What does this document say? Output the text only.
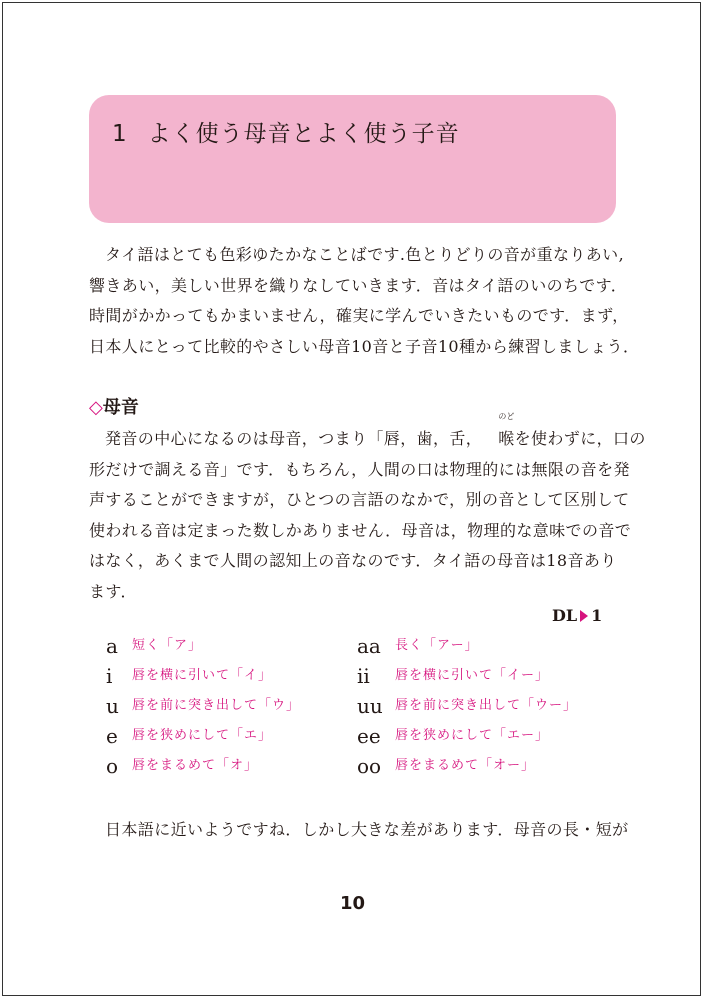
1 よく使う母音とよく使う子音

タイ語はとても色彩ゆたかなことばです.色とりどりの音が重なりあい,

響きあい，美しい世界を織りなしていきます．音はタイ語のいのちです．

時間がかかってもかまいません，確実に学んでいきたいものです．まず，

日本人にとって比較的やさしい母音10音と子音10種から練習しましょう．

◇母音

発音の中心になるのは母音，つまり「唇，歯，舌，
のど
喉を使わずに，口の

形だけで調える音」です．もちろん，人間の口は物理的には無限の音を発

声することができますが，ひとつの言語のなかで，別の音として区別して

使われる音は定まった数しかありません．母音は，物理的な意味での音で

はなく，あくまで人間の認知上の音なのです．タイ語の母音は18音あり

ます．

DL 1
a 短く「ア」	aa 長く「アー」
i 唇を横に引いて「イ」	ii 唇を横に引いて「イー」
u 唇を前に突き出して「ウ」	uu 唇を前に突き出して「ウー」
e 唇を狭めにして「エ」	ee 唇を狭めにして「エー」
o 唇をまるめて「オ」	oo 唇をまるめて「オー」

日本語に近いようですね．しかし大きな差があります．母音の長・短が

10
